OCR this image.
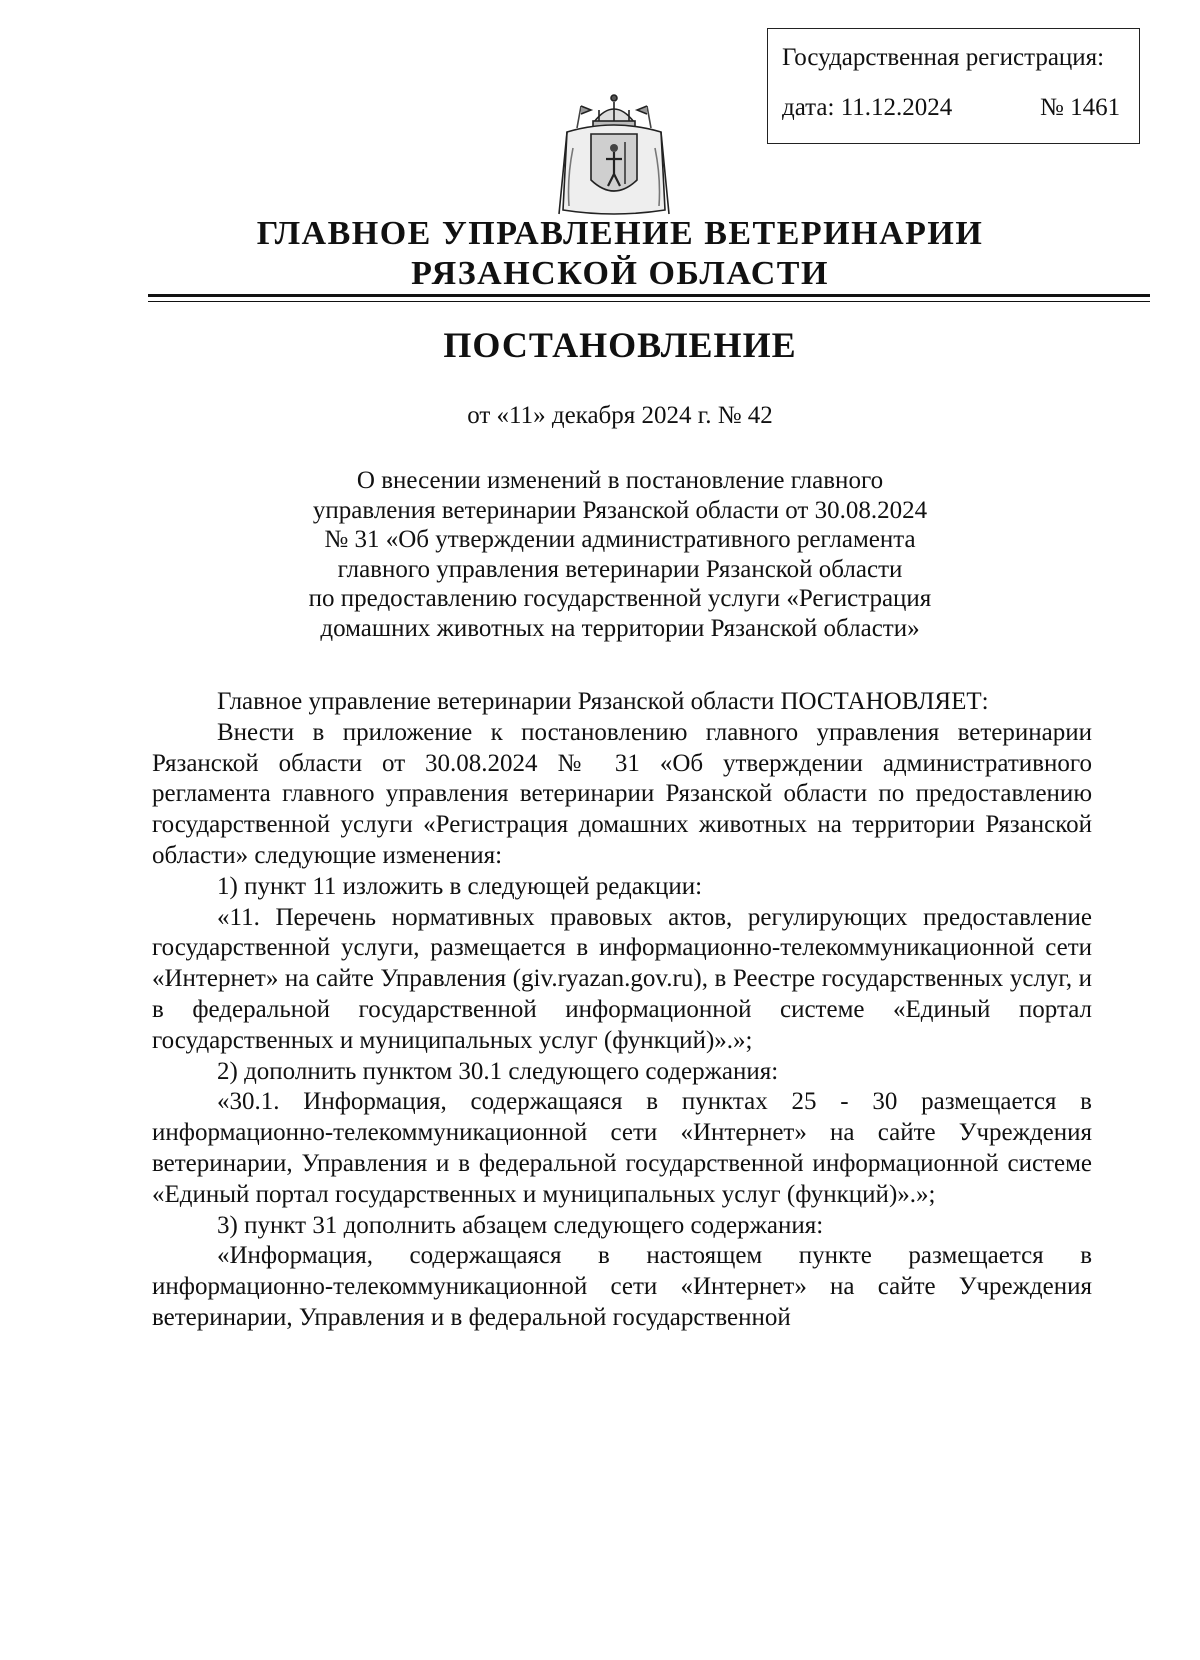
Государственная регистрация:
дата: 11.12.2024	№ 1461
ГЛАВНОЕ УПРАВЛЕНИЕ ВЕТЕРИНАРИИ
РЯЗАНСКОЙ ОБЛАСТИ
ПОСТАНОВЛЕНИЕ
от «11» декабря 2024 г. № 42
О внесении изменений в постановление главного
управления ветеринарии Рязанской области от 30.08.2024
№ 31 «Об утверждении административного регламента
главного управления ветеринарии Рязанской области
по предоставлению государственной услуги «Регистрация
домашних животных на территории Рязанской области»

Главное управление ветеринарии Рязанской области ПОСТАНОВЛЯЕТ:

Внести в приложение к постановлению главного управления ветеринарии Рязанской области от 30.08.2024 № 31 «Об утверждении административного регламента главного управления ветеринарии Рязанской области по предоставлению государственной услуги «Регистрация домашних животных на территории Рязанской области» следующие изменения:

1) пункт 11 изложить в следующей редакции:

«11. Перечень нормативных правовых актов, регулирующих предоставление государственной услуги, размещается в информационно-телекоммуникационной сети «Интернет» на сайте Управления (giv.ryazan.gov.ru), в Реестре государственных услуг, и в федеральной государственной информационной системе «Единый портал государственных и муниципальных услуг (функций)».»;

2) дополнить пунктом 30.1 следующего содержания:

«30.1. Информация, содержащаяся в пунктах 25 - 30 размещается в информационно-телекоммуникационной сети «Интернет» на сайте Учреждения ветеринарии, Управления и в федеральной государственной информационной системе «Единый портал государственных и муниципальных услуг (функций)».»;

3) пункт 31 дополнить абзацем следующего содержания:

«Информация, содержащаяся в настоящем пункте размещается в информационно-телекоммуникационной сети «Интернет» на сайте Учреждения ветеринарии, Управления и в федеральной государственной
